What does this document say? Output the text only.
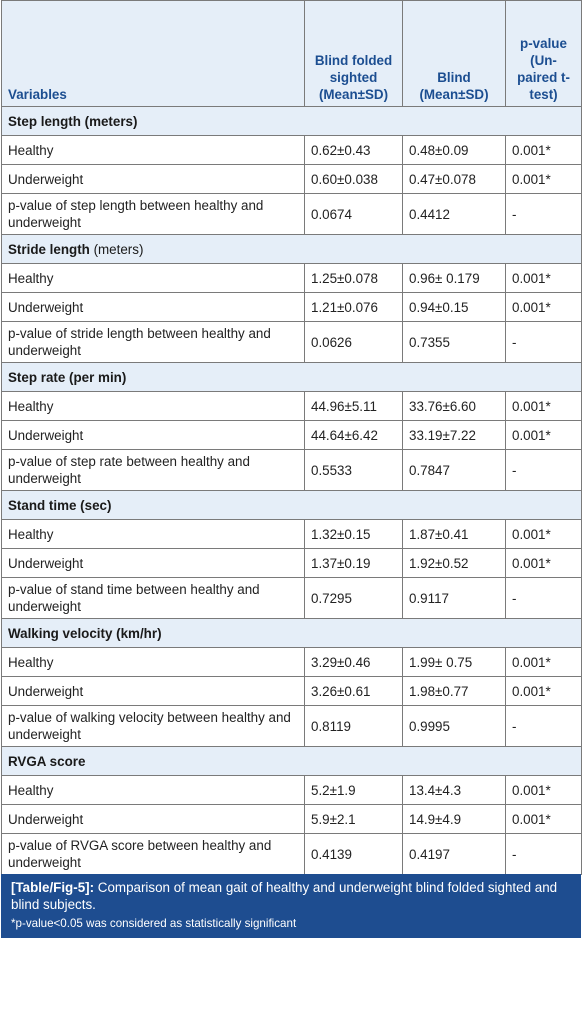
Variables	Blind folded sighted (Mean±SD)	Blind (Mean±SD)	p-value (Un-paired t-test)
Step length (meters)			
Healthy	0.62±0.43	0.48±0.09	0.001*
Underweight	0.60±0.038	0.47±0.078	0.001*
p-value of step length between healthy and underweight	0.0674	0.4412	-
Stride length (meters)			
Healthy	1.25±0.078	0.96± 0.179	0.001*
Underweight	1.21±0.076	0.94±0.15	0.001*
p-value of stride length between healthy and underweight	0.0626	0.7355	-
Step rate (per min)			
Healthy	44.96±5.11	33.76±6.60	0.001*
Underweight	44.64±6.42	33.19±7.22	0.001*
p-value of step rate between healthy and underweight	0.5533	0.7847	-
Stand time (sec)			
Healthy	1.32±0.15	1.87±0.41	0.001*
Underweight	1.37±0.19	1.92±0.52	0.001*
p-value of stand time between healthy and underweight	0.7295	0.9117	-
Walking velocity (km/hr)			
Healthy	3.29±0.46	1.99± 0.75	0.001*
Underweight	3.26±0.61	1.98±0.77	0.001*
p-value of walking velocity between healthy and underweight	0.8119	0.9995	-
RVGA score			
Healthy	5.2±1.9	13.4±4.3	0.001*
Underweight	5.9±2.1	14.9±4.9	0.001*
p-value of RVGA score between healthy and underweight	0.4139	0.4197	-
[Table/Fig-5]: Comparison of mean gait of healthy and underweight blind folded sighted and blind subjects.
*p-value<0.05 was considered as statistically significant
